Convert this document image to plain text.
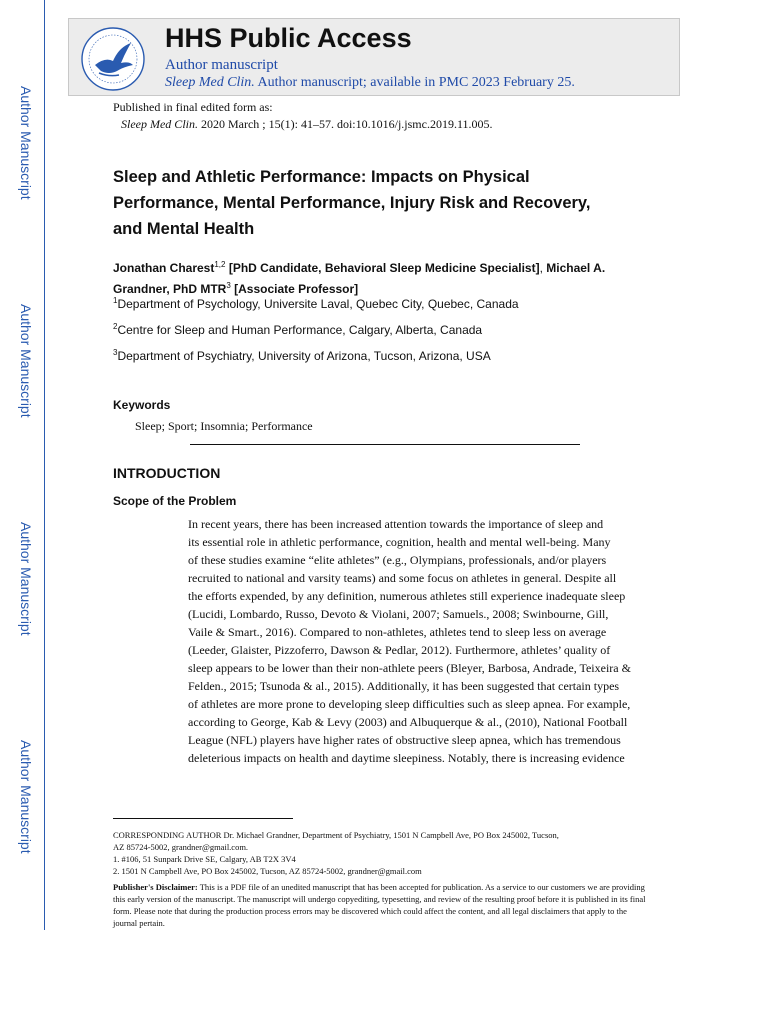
HHS Public Access
Author manuscript
Sleep Med Clin. Author manuscript; available in PMC 2023 February 25.
Author Manuscript
Author Manuscript
Author Manuscript
Author Manuscript
Published in final edited form as:
Sleep Med Clin. 2020 March ; 15(1): 41–57. doi:10.1016/j.jsmc.2019.11.005.
Sleep and Athletic Performance: Impacts on Physical
Performance, Mental Performance, Injury Risk and Recovery,
and Mental Health
Jonathan Charest$^{1,2}$ [PhD Candidate, Behavioral Sleep Medicine Specialist], Michael A. Grandner, PhD MTR$^3$ [Associate Professor]
$^1$Department of Psychology, Universite Laval, Quebec City, Quebec, Canada
$^2$Centre for Sleep and Human Performance, Calgary, Alberta, Canada
$^3$Department of Psychiatry, University of Arizona, Tucson, Arizona, USA
Keywords
Sleep; Sport; Insomnia; Performance
INTRODUCTION
Scope of the Problem
In recent years, there has been increased attention towards the importance of sleep and
its essential role in athletic performance, cognition, health and mental well-being. Many
of these studies examine “elite athletes” (e.g., Olympians, professionals, and/or players
recruited to national and varsity teams) and some focus on athletes in general. Despite all
the efforts expended, by any definition, numerous athletes still experience inadequate sleep
(Lucidi, Lombardo, Russo, Devoto & Violani, 2007; Samuels., 2008; Swinbourne, Gill,
Vaile & Smart., 2016). Compared to non-athletes, athletes tend to sleep less on average
(Leeder, Glaister, Pizzoferro, Dawson & Pedlar, 2012). Furthermore, athletes’ quality of
sleep appears to be lower than their non-athlete peers (Bleyer, Barbosa, Andrade, Teixeira &
Felden., 2015; Tsunoda & al., 2015). Additionally, it has been suggested that certain types
of athletes are more prone to developing sleep difficulties such as sleep apnea. For example,
according to George, Kab & Levy (2003) and Albuquerque & al., (2010), National Football
League (NFL) players have higher rates of obstructive sleep apnea, which has tremendous
deleterious impacts on health and daytime sleepiness. Notably, there is increasing evidence
CORRESPONDING AUTHOR Dr. Michael Grandner, Department of Psychiatry, 1501 N Campbell Ave, PO Box 245002, Tucson,
AZ 85724-5002, grandner@gmail.com.
1. #106, 51 Sunpark Drive SE, Calgary, AB T2X 3V4
2. 1501 N Campbell Ave, PO Box 245002, Tucson, AZ 85724-5002, grandner@gmail.com
Publisher's Disclaimer: This is a PDF file of an unedited manuscript that has been accepted for publication. As a service to our customers we are providing this early version of the manuscript. The manuscript will undergo copyediting, typesetting, and review of the resulting proof before it is published in its final form. Please note that during the production process errors may be discovered which could affect the content, and all legal disclaimers that apply to the journal pertain.
